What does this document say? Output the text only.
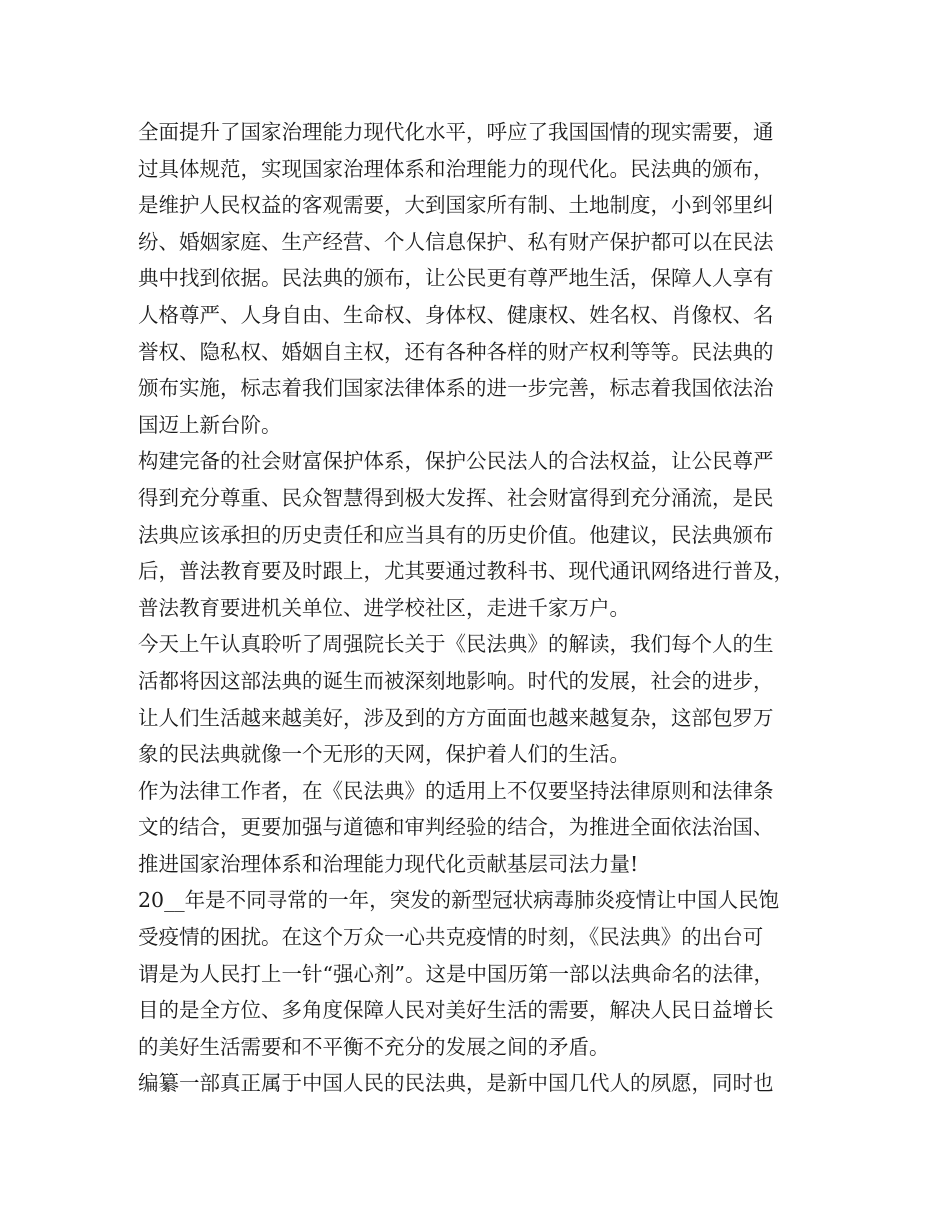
全面提升了国家治理能力现代化水平，呼应了我国国情的现实需要，通
过具体规范，实现国家治理体系和治理能力的现代化。民法典的颁布，
是维护人民权益的客观需要，大到国家所有制、土地制度，小到邻里纠
纷、婚姻家庭、生产经营、个人信息保护、私有财产保护都可以在民法
典中找到依据。民法典的颁布，让公民更有尊严地生活，保障人人享有
人格尊严、人身自由、生命权、身体权、健康权、姓名权、肖像权、名
誉权、隐私权、婚姻自主权，还有各种各样的财产权利等等。民法典的
颁布实施，标志着我们国家法律体系的进一步完善，标志着我国依法治
国迈上新台阶。
构建完备的社会财富保护体系，保护公民法人的合法权益，让公民尊严
得到充分尊重、民众智慧得到极大发挥、社会财富得到充分涌流，是民
法典应该承担的历史责任和应当具有的历史价值。他建议，民法典颁布
后，普法教育要及时跟上，尤其要通过教科书、现代通讯网络进行普及，
普法教育要进机关单位、进学校社区，走进千家万户。
今天上午认真聆听了周强院长关于《民法典》的解读，我们每个人的生
活都将因这部法典的诞生而被深刻地影响。时代的发展，社会的进步，
让人们生活越来越美好，涉及到的方方面面也越来越复杂，这部包罗万
象的民法典就像一个无形的天网，保护着人们的生活。
作为法律工作者，在《民法典》的适用上不仅要坚持法律原则和法律条
文的结合，更要加强与道德和审判经验的结合，为推进全面依法治国、
推进国家治理体系和治理能力现代化贡献基层司法力量!
20__年是不同寻常的一年，突发的新型冠状病毒肺炎疫情让中国人民饱
受疫情的困扰。在这个万众一心共克疫情的时刻，《民法典》的出台可
谓是为人民打上一针“强心剂”。这是中国历第一部以法典命名的法律，
目的是全方位、多角度保障人民对美好生活的需要，解决人民日益增长
的美好生活需要和不平衡不充分的发展之间的矛盾。
编纂一部真正属于中国人民的民法典，是新中国几代人的夙愿，同时也
